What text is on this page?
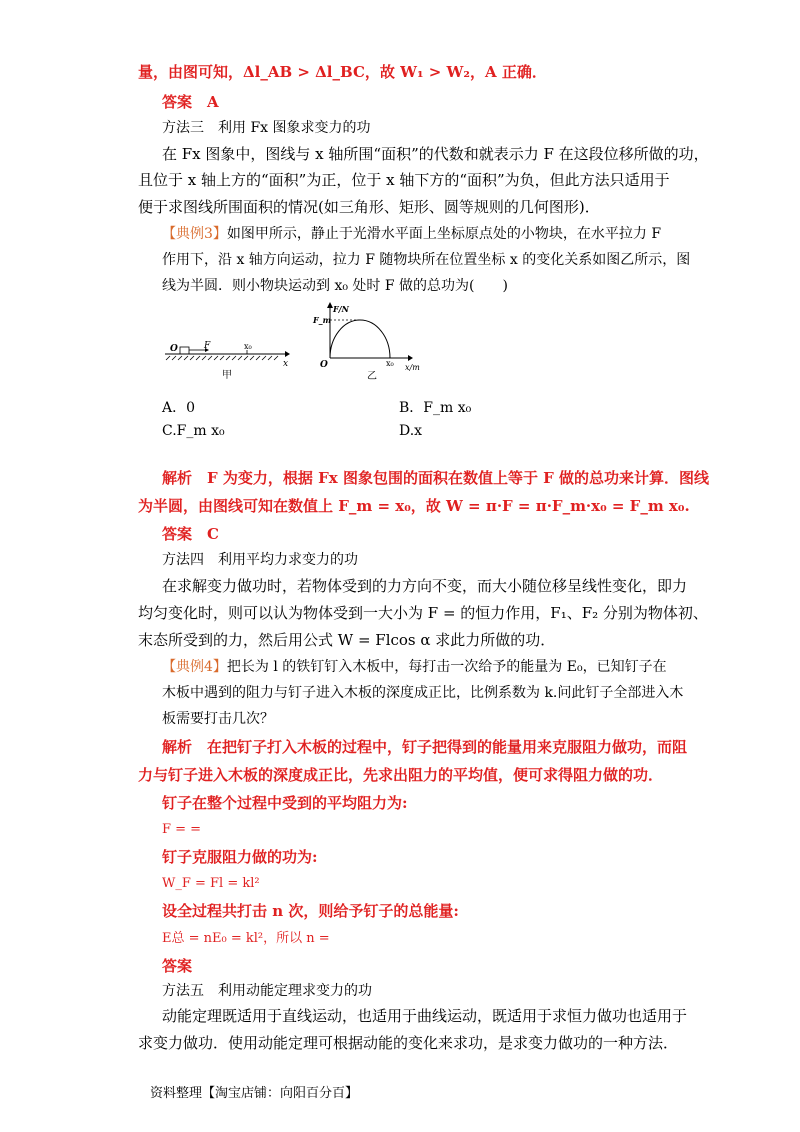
量，由图可知，Δl_AB > Δl_BC，故 W₁ > W₂，A 正确．
答案　 A
方法三　利用 Fx 图象求变力的功
在 Fx 图象中，图线与 x 轴所围“面积”的代数和就表示力 F 在这段位移所做的功，
且位于 x 轴上方的“面积”为正，位于 x 轴下方的“面积”为负，但此方法只适用于
便于求图线所围面积的情况(如三角形、矩形、圆等规则的几何图形)．
【典例3】如图甲所示，静止于光滑水平面上坐标原点处的小物块，在水平拉力 F
作用下，沿 x 轴方向运动，拉力 F 随物块所在位置坐标 x 的变化关系如图乙所示，图
线为半圆．则小物块运动到 x₀ 处时 F 做的总功为(　　)
O	F	x₀
x
甲
F/N
F_m
O	x₀ x/m
乙
A．0	B．F_m x₀
C.F_m x₀	D.x
解析　 F 为变力，根据 Fx 图象包围的面积在数值上等于 F 做的总功来计算．图线
为半圆，由图线可知在数值上 F_m = x₀，故 W = π·F = π·F_m·x₀ = F_m x₀.
答案　 C
方法四　利用平均力求变力的功
在求解变力做功时，若物体受到的力方向不变，而大小随位移呈线性变化，即力
均匀变化时，则可以认为物体受到一大小为 F = 的恒力作用，F₁、F₂ 分别为物体初、
末态所受到的力，然后用公式 W = Flcos α 求此力所做的功．
【典例4】把长为 l 的铁钉钉入木板中，每打击一次给予的能量为 E₀，已知钉子在
木板中遇到的阻力与钉子进入木板的深度成正比，比例系数为 k.问此钉子全部进入木
板需要打击几次？
解析　 在把钉子打入木板的过程中，钉子把得到的能量用来克服阻力做功，而阻
力与钉子进入木板的深度成正比，先求出阻力的平均值，便可求得阻力做的功．
钉子在整个过程中受到的平均阻力为:
F = =
钉子克服阻力做的功为:
W_F = Fl = kl²
设全过程共打击 n 次，则给予钉子的总能量:
E总 = nE₀ = kl²，所以 n =
答案
方法五　利用动能定理求变力的功
动能定理既适用于直线运动，也适用于曲线运动，既适用于求恒力做功也适用于
求变力做功．使用动能定理可根据动能的变化来求功，是求变力做功的一种方法．
资料整理【淘宝店铺：向阳百分百】
